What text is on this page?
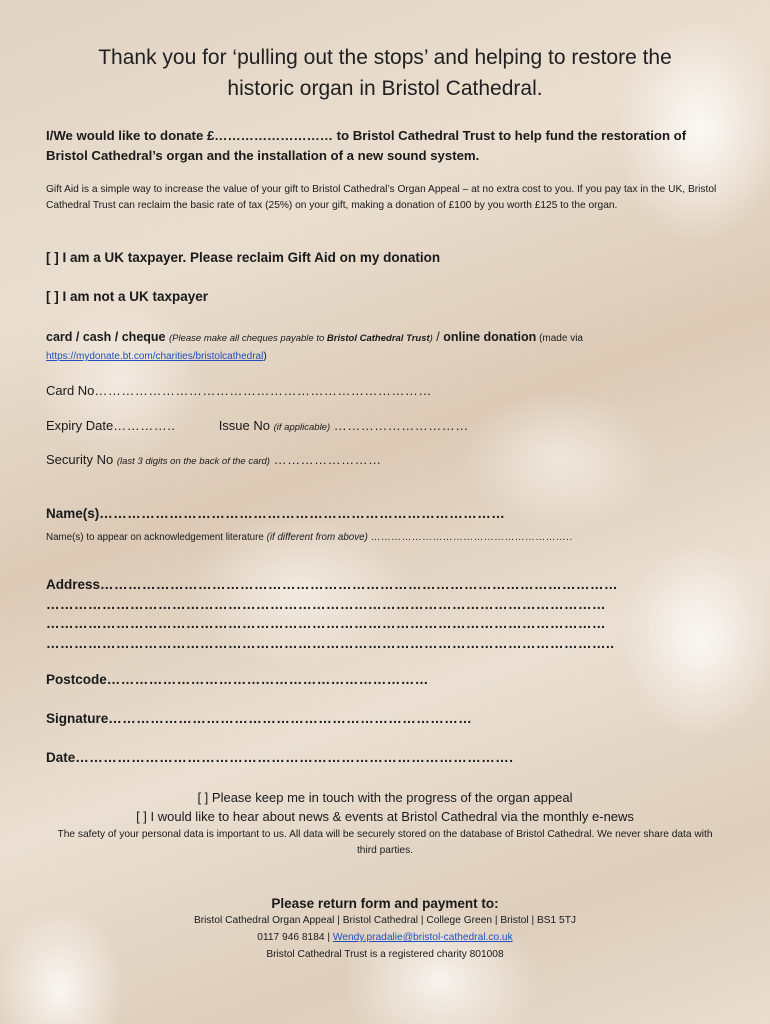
Thank you for ‘pulling out the stops’ and helping to restore the
historic organ in Bristol Cathedral.
I/We would like to donate £……………………… to Bristol Cathedral Trust to help fund the restoration of Bristol Cathedral’s organ and the installation of a new sound system.
Gift Aid is a simple way to increase the value of your gift to Bristol Cathedral’s Organ Appeal – at no extra cost to you. If you pay tax in the UK, Bristol Cathedral Trust can reclaim the basic rate of tax (25%) on your gift, making a donation of £100 by you worth £125 to the organ.
[ ] I am a UK taxpayer. Please reclaim Gift Aid on my donation
[ ] I am not a UK taxpayer
card / cash / cheque (Please make all cheques payable to Bristol Cathedral Trust) / online donation (made via
https://mydonate.bt.com/charities/bristolcathedral)
Card No…………………………………………………………………
Expiry Date…………..	Issue No (if applicable) …………………………
Security No (last 3 digits on the back of the card) ……………………
Name(s)……………………………………………………………………………
Name(s) to appear on acknowledgement literature (if different from above) …………………………………………………..
Address…………………………………………………………………………………………………
…………………………………………………………………………………………………………
…………………………………………………………………………………………………………
…………………………………………………………………………………………………………..
Postcode……………………………………………………………
Signature……………………………………………………………………
Date………………………………………………………………………………….
[ ] Please keep me in touch with the progress of the organ appeal
[ ] I would like to hear about news & events at Bristol Cathedral via the monthly e-news
The safety of your personal data is important to us. All data will be securely stored on the database of Bristol Cathedral. We never share data with third parties.
Please return form and payment to:
Bristol Cathedral Organ Appeal | Bristol Cathedral | College Green | Bristol | BS1 5TJ
0117 946 8184 | Wendy.pradalie@bristol-cathedral.co.uk
Bristol Cathedral Trust is a registered charity 801008
